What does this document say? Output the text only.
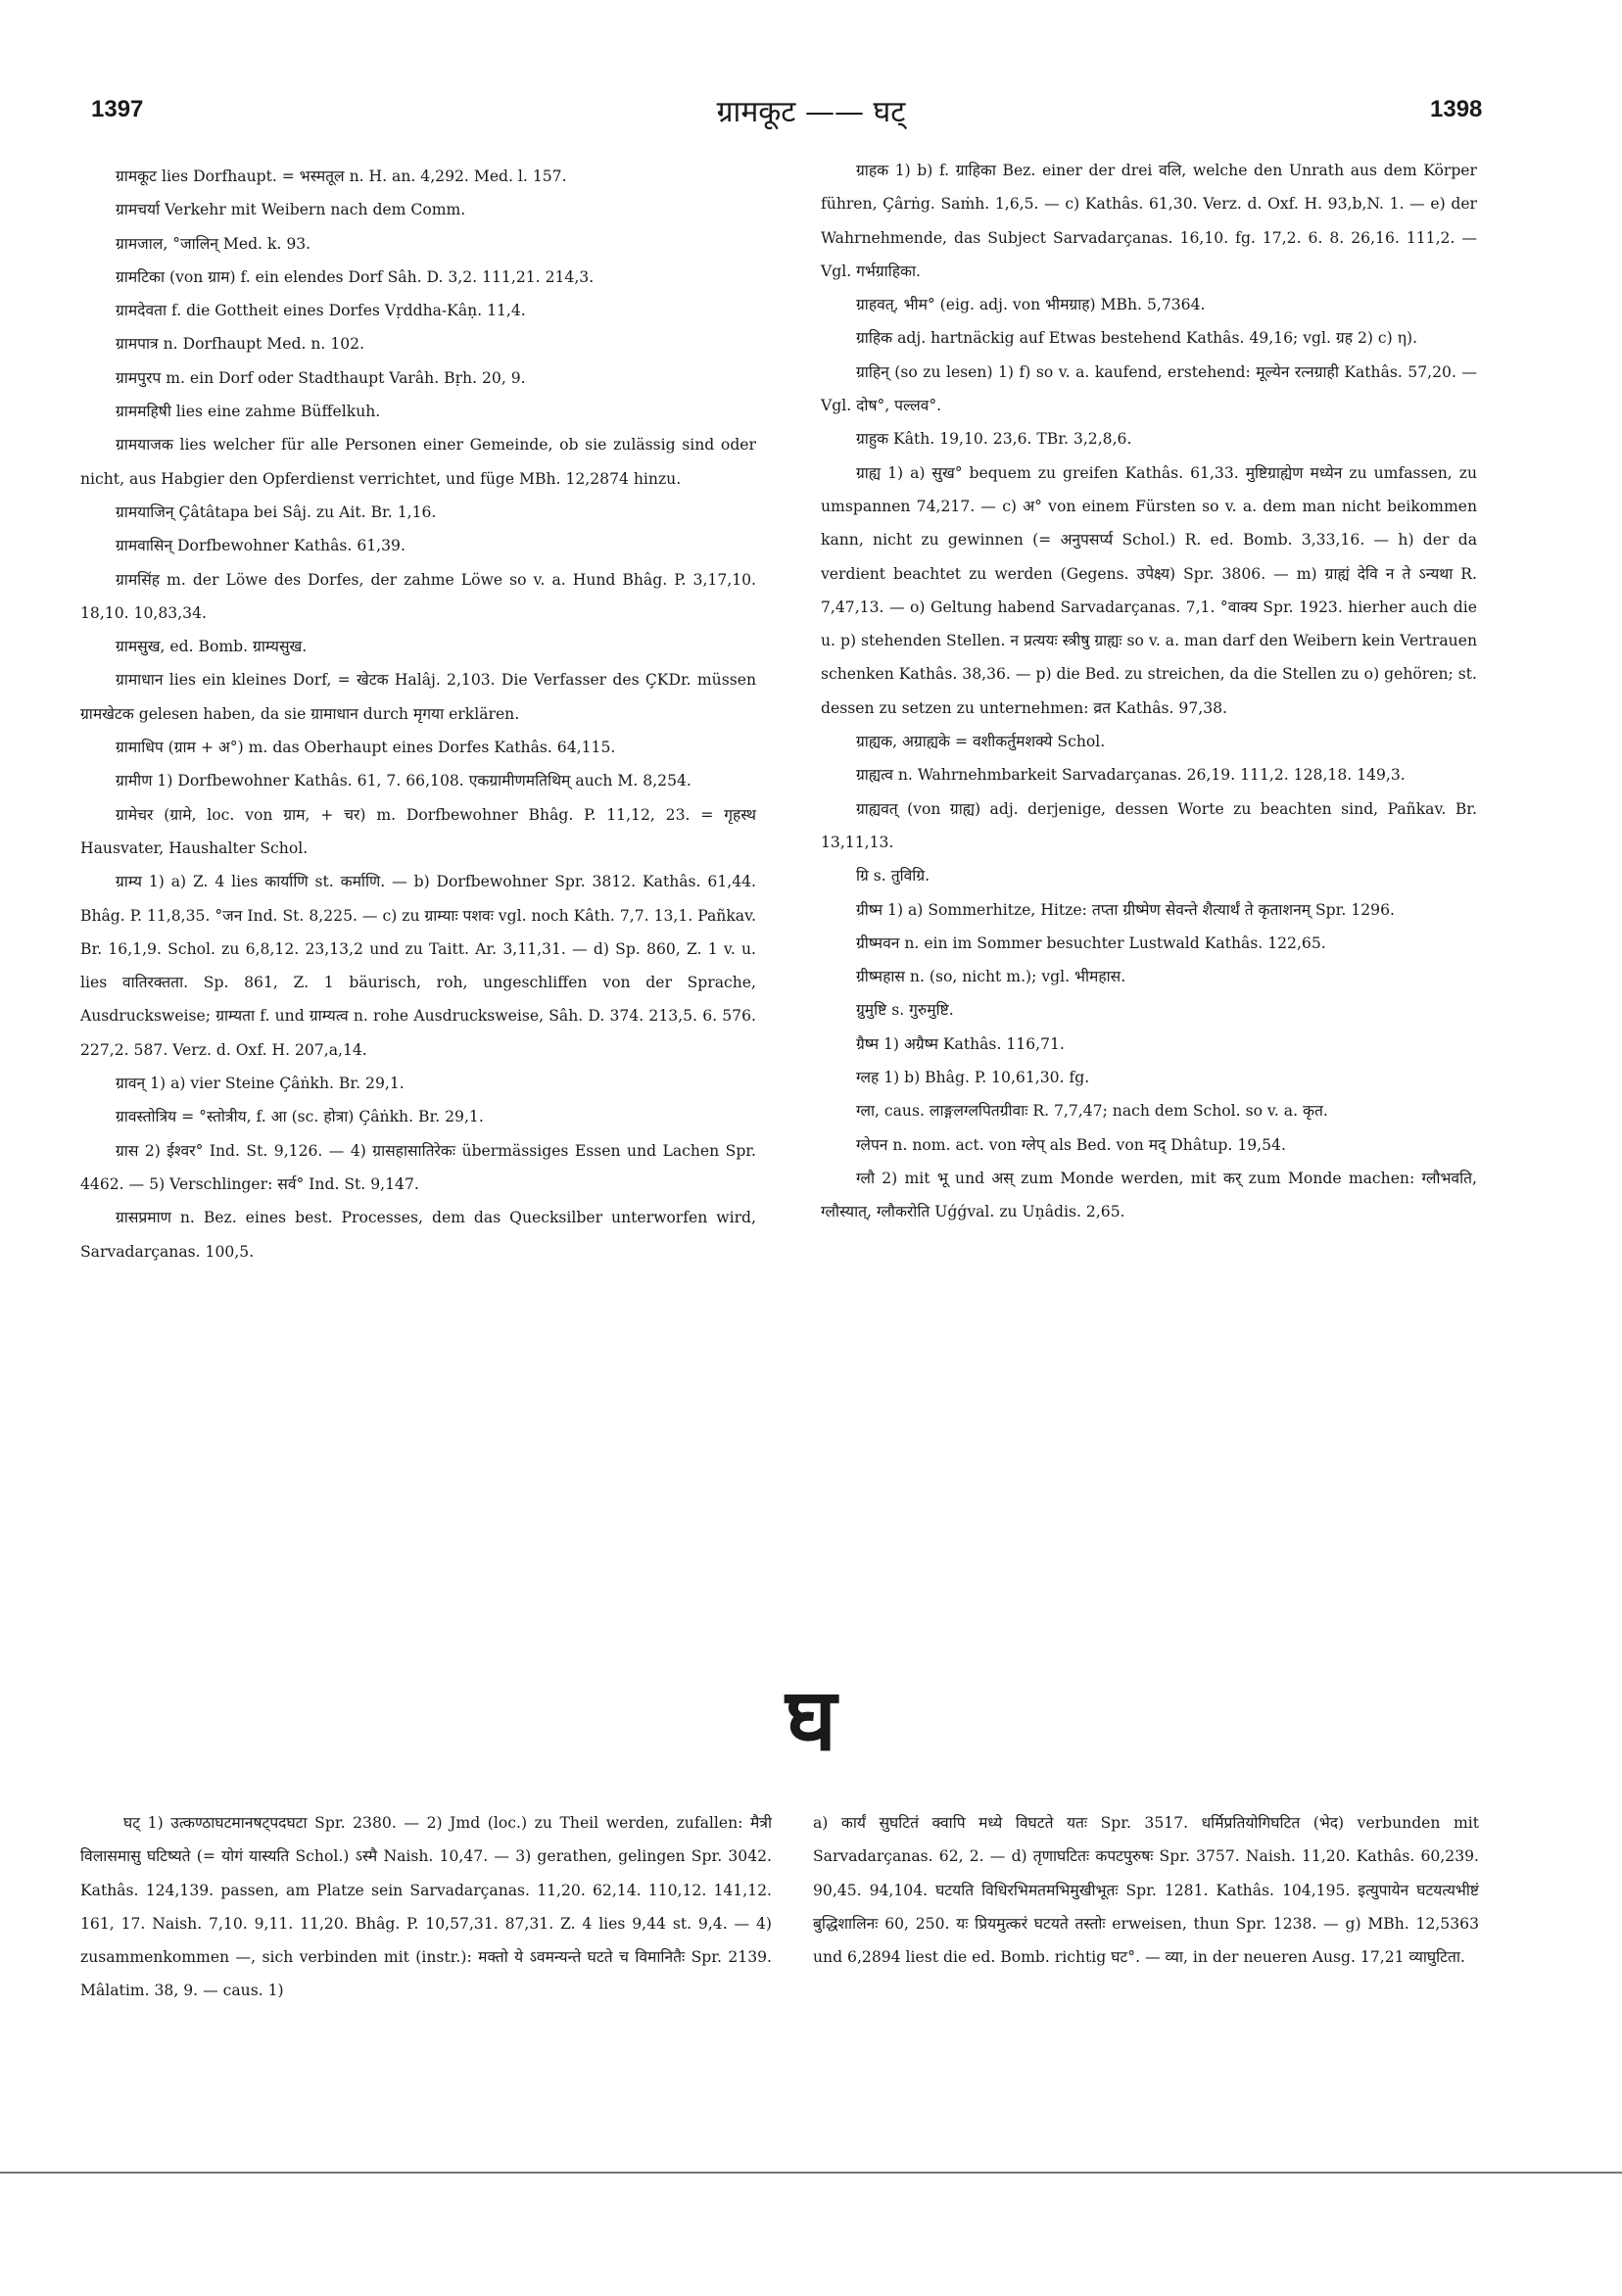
1397	ग्रामकूट —— घट्	1398

ग्रामकूट lies Dorfhaupt. = भस्मतूल n. H. an. 4,292. Med. l. 157.

ग्रामचर्या Verkehr mit Weibern nach dem Comm.

ग्रामजाल, °जालिन् Med. k. 93.

ग्रामटिका (von ग्राम) f. ein elendes Dorf Sâh. D. 3,2. 111,21. 214,3.

ग्रामदेवता f. die Gottheit eines Dorfes Vṛddha-Kâṇ. 11,4.

ग्रामपात्र n. Dorfhaupt Med. n. 102.

ग्रामपुरप m. ein Dorf oder Stadthaupt Varâh. Bṛh. 20, 9.

ग्राममहिषी lies eine zahme Büffelkuh.

ग्रामयाजक lies welcher für alle Personen einer Gemeinde, ob sie zulässig sind oder nicht, aus Habgier den Opferdienst verrichtet, und füge MBh. 12,2874 hinzu.

ग्रामयाजिन् Çâtâtapa bei Sâj. zu Ait. Br. 1,16.

ग्रामवासिन् Dorfbewohner Kathâs. 61,39.

ग्रामसिंह m. der Löwe des Dorfes, der zahme Löwe so v. a. Hund Bhâg. P. 3,17,10. 18,10. 10,83,34.

ग्रामसुख, ed. Bomb. ग्राम्यसुख.

ग्रामाधान lies ein kleines Dorf, = खेटक Halâj. 2,103. Die Verfasser des ÇKDr. müssen ग्रामखेटक gelesen haben, da sie ग्रामाधान durch मृगया erklären.

ग्रामाधिप (ग्राम + अ°) m. das Oberhaupt eines Dorfes Kathâs. 64,115.

ग्रामीण 1) Dorfbewohner Kathâs. 61, 7. 66,108. एकग्रामीणमतिथिम् auch M. 8,254.

ग्रामेचर (ग्रामे, loc. von ग्राम, + चर) m. Dorfbewohner Bhâg. P. 11,12, 23. = गृहस्थ Hausvater, Haushalter Schol.

ग्राम्य 1) a) Z. 4 lies कार्याणि st. कर्माणि. — b) Dorfbewohner Spr. 3812. Kathâs. 61,44. Bhâg. P. 11,8,35. °जन Ind. St. 8,225. — c) zu ग्राम्याः पशवः vgl. noch Kâth. 7,7. 13,1. Pañkav. Br. 16,1,9. Schol. zu 6,8,12. 23,13,2 und zu Taitt. Ar. 3,11,31. — d) Sp. 860, Z. 1 v. u. lies वातिरक्तता. Sp. 861, Z. 1 bäurisch, roh, ungeschliffen von der Sprache, Ausdrucksweise; ग्राम्यता f. und ग्राम्यत्व n. rohe Ausdrucksweise, Sâh. D. 374. 213,5. 6. 576. 227,2. 587. Verz. d. Oxf. H. 207,a,14.

ग्रावन् 1) a) vier Steine Çâṅkh. Br. 29,1.

ग्रावस्तोत्रिय = °स्तोत्रीय, f. आ (sc. होत्रा) Çâṅkh. Br. 29,1.

ग्रास 2) ईश्वर° Ind. St. 9,126. — 4) ग्रासहासातिरेकः übermässiges Essen und Lachen Spr. 4462. — 5) Verschlinger: सर्व° Ind. St. 9,147.

ग्रासप्रमाण n. Bez. eines best. Processes, dem das Quecksilber unterworfen wird, Sarvadarçanas. 100,5.

ग्राहक 1) b) f. ग्राहिका Bez. einer der drei वलि, welche den Unrath aus dem Körper führen, Çârṅg. Saṁh. 1,6,5. — c) Kathâs. 61,30. Verz. d. Oxf. H. 93,b,N. 1. — e) der Wahrnehmende, das Subject Sarvadarçanas. 16,10. fg. 17,2. 6. 8. 26,16. 111,2. — Vgl. गर्भग्राहिका.

ग्राहवत्, भीम° (eig. adj. von भीमग्राह) MBh. 5,7364.

ग्राहिक adj. hartnäckig auf Etwas bestehend Kathâs. 49,16; vgl. ग्रह 2) c) η).

ग्राहिन् (so zu lesen) 1) f) so v. a. kaufend, erstehend: मूल्येन रत्नग्राही Kathâs. 57,20. — Vgl. दोष°, पल्लव°.

ग्राहुक Kâth. 19,10. 23,6. TBr. 3,2,8,6.

ग्राह्य 1) a) सुख° bequem zu greifen Kathâs. 61,33. मुष्टिग्राह्येण मध्येन zu umfassen, zu umspannen 74,217. — c) अ° von einem Fürsten so v. a. dem man nicht beikommen kann, nicht zu gewinnen (= अनुपसर्प्य Schol.) R. ed. Bomb. 3,33,16. — h) der da verdient beachtet zu werden (Gegens. उपेक्ष्य) Spr. 3806. — m) ग्राह्यं देवि न ते ऽन्यथा R. 7,47,13. — o) Geltung habend Sarvadarçanas. 7,1. °वाक्य Spr. 1923. hierher auch die u. p) stehenden Stellen. न प्रत्ययः स्त्रीषु ग्राह्यः so v. a. man darf den Weibern kein Vertrauen schenken Kathâs. 38,36. — p) die Bed. zu streichen, da die Stellen zu o) gehören; st. dessen zu setzen zu unternehmen: व्रत Kathâs. 97,38.

ग्राह्यक, अग्राह्यके = वशीकर्तुमशक्ये Schol.

ग्राह्यत्व n. Wahrnehmbarkeit Sarvadarçanas. 26,19. 111,2. 128,18. 149,3.

ग्राह्यवत् (von ग्राह्य) adj. derjenige, dessen Worte zu beachten sind, Pañkav. Br. 13,11,13.

ग्रि s. तुविग्रि.

ग्रीष्म 1) a) Sommerhitze, Hitze: तप्ता ग्रीष्मेण सेवन्ते शैत्यार्थं ते कृताशनम् Spr. 1296.

ग्रीष्मवन n. ein im Sommer besuchter Lustwald Kathâs. 122,65.

ग्रीष्महास n. (so, nicht m.); vgl. भीमहास.

ग्रुमुष्टि s. गुरुमुष्टि.

ग्रैष्म 1) अग्रैष्म Kathâs. 116,71.

ग्लह 1) b) Bhâg. P. 10,61,30. fg.

ग्ला, caus. लाङ्गलग्लपितग्रीवाः R. 7,7,47; nach dem Schol. so v. a. कृत.

ग्लेपन n. nom. act. von ग्लेप् als Bed. von मद् Dhâtup. 19,54.

ग्लौ 2) mit भू und अस् zum Monde werden, mit कर् zum Monde machen: ग्लौभवति, ग्लौस्यात्, ग्लौकरोति Uǵǵval. zu Uṇâdis. 2,65.

घ

घट् 1) उत्कण्ठाघटमानषट्पदघटा Spr. 2380. — 2) Jmd (loc.) zu Theil werden, zufallen: मैत्री विलासमासु घटिष्यते (= योगं यास्यति Schol.) ऽस्मै Naish. 10,47. — 3) gerathen, gelingen Spr. 3042. Kathâs. 124,139. passen, am Platze sein Sarvadarçanas. 11,20. 62,14. 110,12. 141,12. 161, 17. Naish. 7,10. 9,11. 11,20. Bhâg. P. 10,57,31. 87,31. Z. 4 lies 9,44 st. 9,4. — 4) zusammenkommen —, sich verbinden mit (instr.): मक्तो ये ऽवमन्यन्ते घटते च विमानितैः Spr. 2139. Mâlatim. 38, 9. — caus. 1)

a) कार्यं सुघटितं क्वापि मध्ये विघटते यतः Spr. 3517. धर्मिप्रतियोगिघटित (भेद) verbunden mit Sarvadarçanas. 62, 2. — d) तृणाघटितः कपटपुरुषः Spr. 3757. Naish. 11,20. Kathâs. 60,239. 90,45. 94,104. घटयति विधिरभिमतमभिमुखीभूतः Spr. 1281. Kathâs. 104,195. इत्युपायेन घटयत्यभीष्टं बुद्धिशालिनः 60, 250. यः प्रियमुत्करं घटयते तस्तोः erweisen, thun Spr. 1238. — g) MBh. 12,5363 und 6,2894 liest die ed. Bomb. richtig घट°. — व्या, in der neueren Ausg. 17,21 व्याघुटिता.
